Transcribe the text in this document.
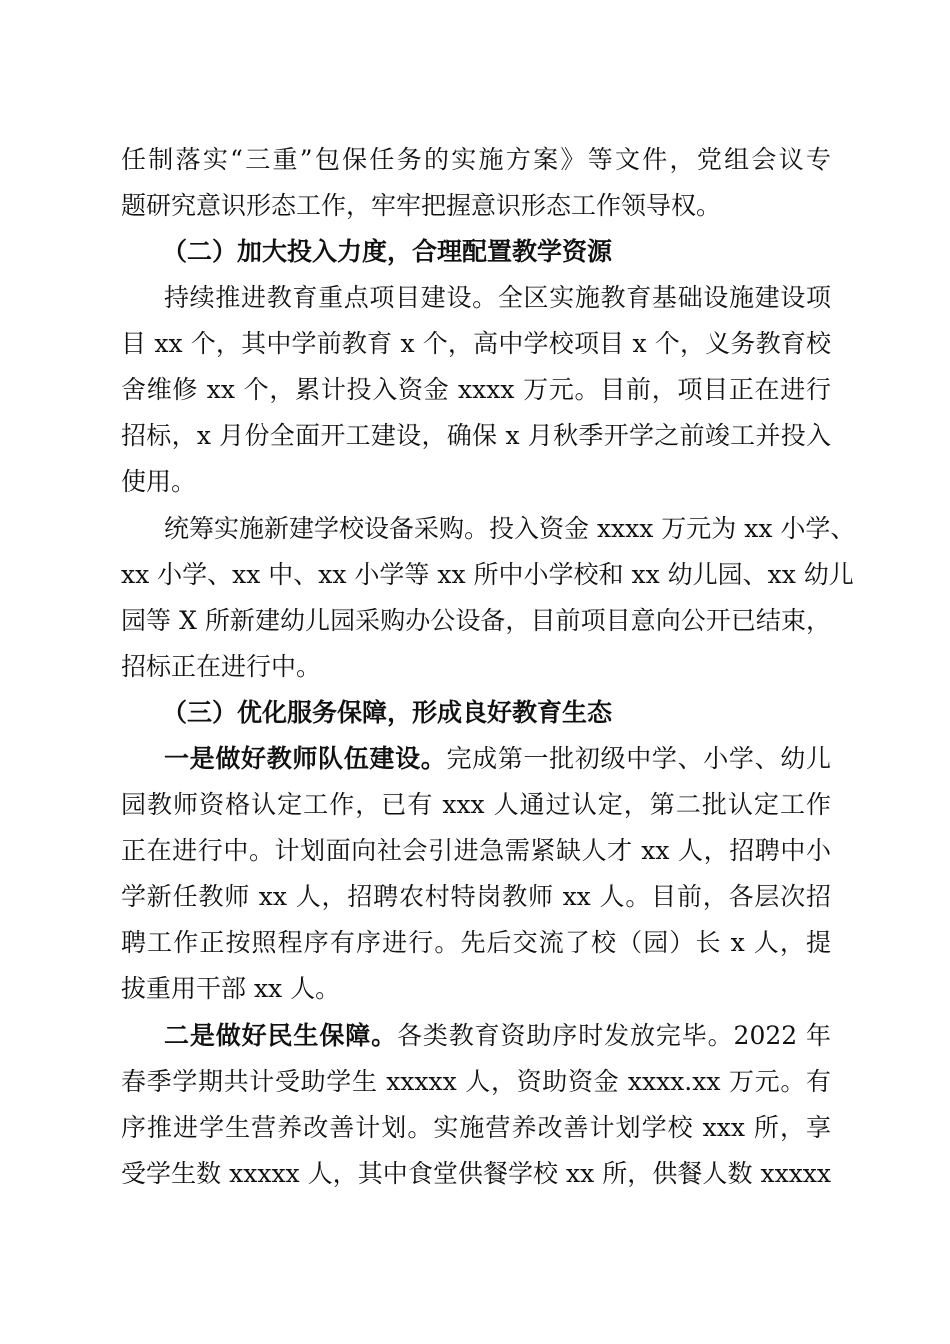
任制落实“三重”包保任务的实施方案》等文件，党组会议专
题研究意识形态工作，牢牢把握意识形态工作领导权。
（二）加大投入力度，合理配置教学资源
持续推进教育重点项目建设。全区实施教育基础设施建设项
目 xx 个，其中学前教育 x 个，高中学校项目 x 个，义务教育校
舍维修 xx 个，累计投入资金 xxxx 万元。目前，项目正在进行
招标，x 月份全面开工建设，确保 x 月秋季开学之前竣工并投入
使用。
统筹实施新建学校设备采购。投入资金 xxxx 万元为 xx 小学、
xx 小学、xx 中、xx 小学等 xx 所中小学校和 xx 幼儿园、xx 幼儿
园等 X 所新建幼儿园采购办公设备，目前项目意向公开已结束，
招标正在进行中。
（三）优化服务保障，形成良好教育生态
一是做好教师队伍建设。完成第一批初级中学、小学、幼儿
园教师资格认定工作，已有 xxx 人通过认定，第二批认定工作
正在进行中。计划面向社会引进急需紧缺人才 xx 人，招聘中小
学新任教师 xx 人，招聘农村特岗教师 xx 人。目前，各层次招
聘工作正按照程序有序进行。先后交流了校（园）长 x 人，提
拔重用干部 xx 人。
二是做好民生保障。各类教育资助序时发放完毕。2022 年
春季学期共计受助学生 xxxxx 人，资助资金 xxxx.xx 万元。有
序推进学生营养改善计划。实施营养改善计划学校 xxx 所，享
受学生数 xxxxx 人，其中食堂供餐学校 xx 所，供餐人数 xxxxx
